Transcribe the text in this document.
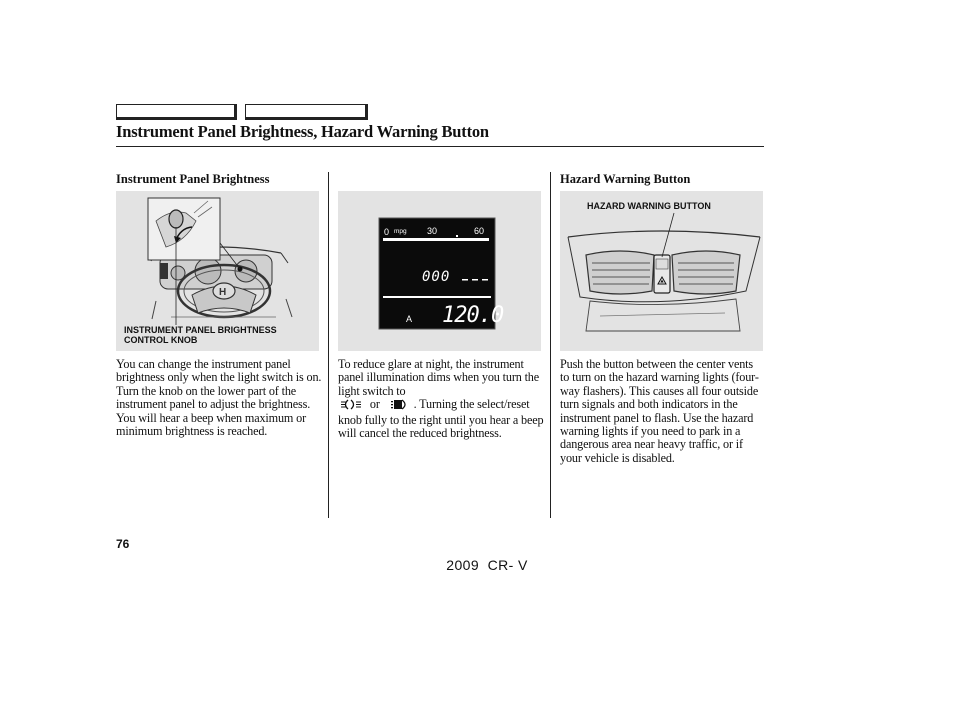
Instrument Panel Brightness, Hazard Warning Button
Instrument Panel Brightness
H
INSTRUMENT PANEL BRIGHTNESS
CONTROL KNOB

You can change the instrument panel brightness only when the light switch is on.

Turn the knob on the lower part of the instrument panel to adjust the brightness.

You will hear a beep when maximum or minimum brightness is reached.

0 mpg 30	60
000
A 120.0
To reduce glare at night, the instrument panel illumination dims when you turn the light switch to
or	. Turning the select/reset knob fully to the right until you hear a beep will cancel the reduced brightness.
Hazard Warning Button
HAZARD WARNING BUTTON

Push the button between the center vents to turn on the hazard warning lights (four-way flashers). This causes all four outside turn signals and both indicators in the instrument panel to flash. Use the hazard warning lights if you need to park in a dangerous area near heavy traffic, or if your vehicle is disabled.

76
2009  CR- V
